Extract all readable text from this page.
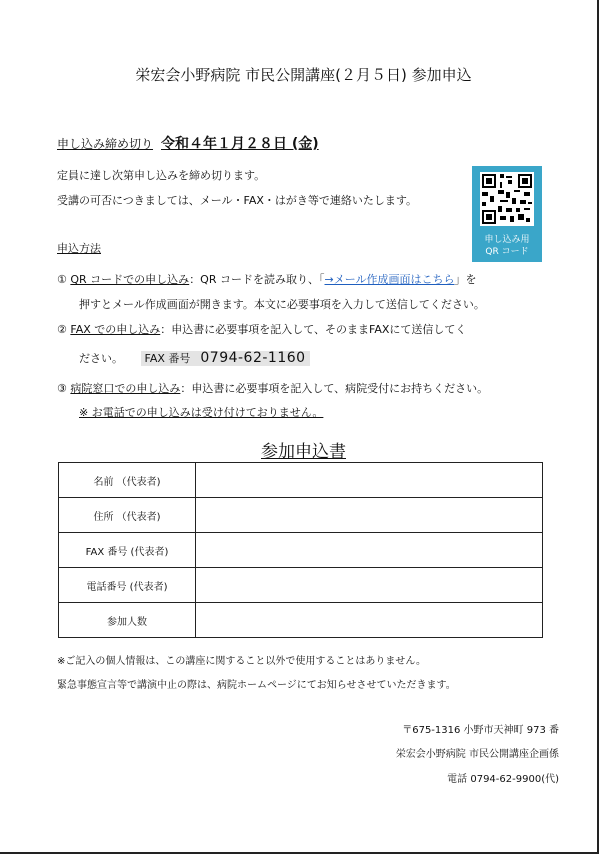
栄宏会小野病院 市民公開講座(２月５日) 参加申込
申し込み締め切り 令和４年１月２８日 (金)
定員に達し次第申し込みを締め切ります。
受講の可否につきましては、メール・FAX・はがき等で連絡いたします。
申し込み用
QR コード
申込方法
① QR コードでの申し込み：QR コードを読み取り、「→メール作成画面はこちら」を
押すとメール作成画面が開きます。本文に必要事項を入力して送信してください。
② FAX での申し込み：申込書に必要事項を記入して、そのままFAXにて送信してく
ださい。 FAX 番号 0794-62-1160
③ 病院窓口での申し込み：申込書に必要事項を記入して、病院受付にお持ちください。
※ お電話での申し込みは受け付けておりません。
参加申込書
名前 （代表者)	
住所 （代表者)	
FAX 番号 (代表者)	
電話番号 (代表者)	
参加人数	
※ご記入の個人情報は、この講座に関すること以外で使用することはありません。
緊急事態宣言等で講演中止の際は、病院ホームページにてお知らせさせていただきます。
〒675-1316 小野市天神町 973 番
栄宏会小野病院 市民公開講座企画係
電話 0794-62-9900(代)
